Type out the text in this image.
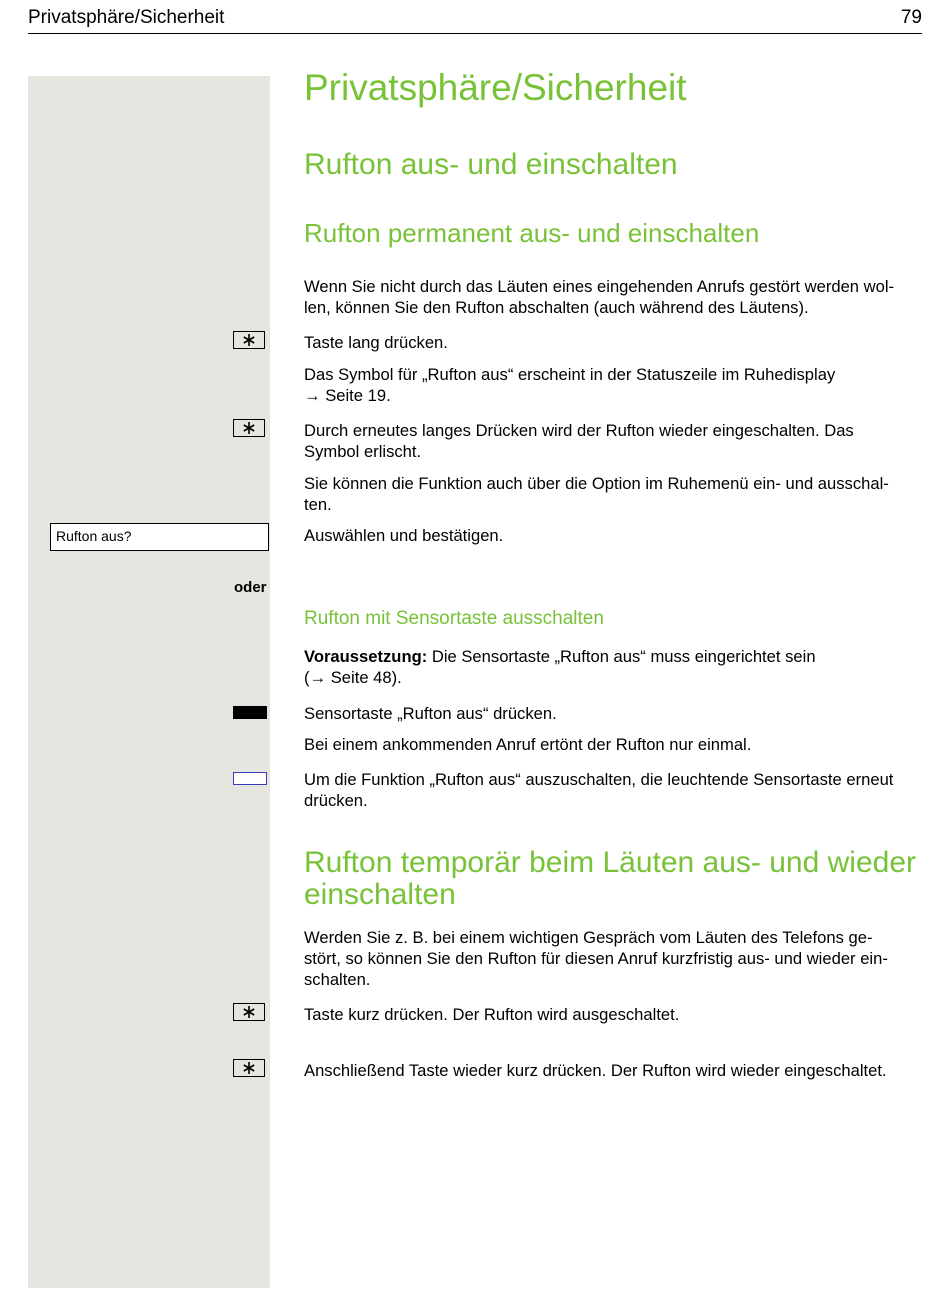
Privatsphäre/Sicherheit	79
Privatsphäre/Sicherheit
Rufton aus- und einschalten
Rufton permanent aus- und einschalten

Wenn Sie nicht durch das Läuten eines eingehenden Anrufs gestört werden wol-
len, können Sie den Rufton abschalten (auch während des Läutens).

Taste lang drücken.

Das Symbol für „Rufton aus“ erscheint in der Statuszeile im Ruhedisplay
→ Seite 19.

Durch erneutes langes Drücken wird der Rufton wieder eingeschalten. Das
Symbol erlischt.

Sie können die Funktion auch über die Option im Ruhemenü ein- und ausschal-
ten.

Rufton aus?	Auswählen und bestätigen.

oder
Rufton mit Sensortaste ausschalten

Voraussetzung: Die Sensortaste „Rufton aus“ muss eingerichtet sein
(→ Seite 48).

Sensortaste „Rufton aus“ drücken.

Bei einem ankommenden Anruf ertönt der Rufton nur einmal.

Um die Funktion „Rufton aus“ auszuschalten, die leuchtende Sensortaste erneut
drücken.

Rufton temporär beim Läuten aus- und wieder
einschalten

Werden Sie z. B. bei einem wichtigen Gespräch vom Läuten des Telefons ge-
stört, so können Sie den Rufton für diesen Anruf kurzfristig aus- und wieder ein-
schalten.

Taste kurz drücken. Der Rufton wird ausgeschaltet.

Anschließend Taste wieder kurz drücken. Der Rufton wird wieder eingeschaltet.
